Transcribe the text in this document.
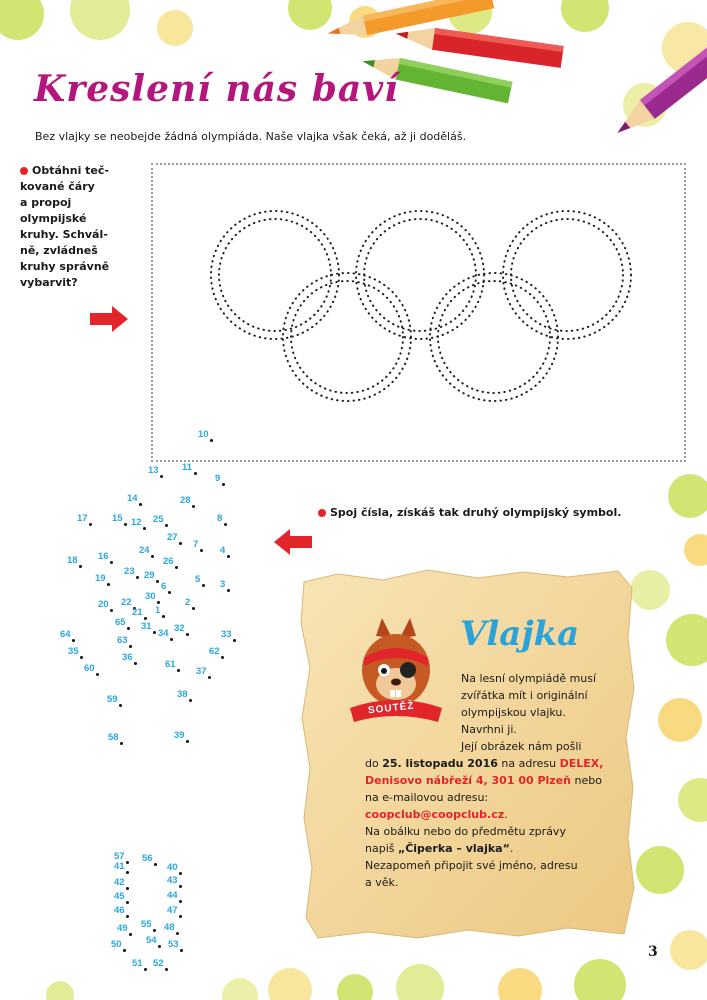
Kreslení nás baví
Bez vlajky se neobejde žádná olympiáda. Naše vlajka však čeká, až ji doděláš.
Obtáhni teč-
kované čáry
a propoj
olympijské
kruhy. Schvál-
ně, zvládneš
kruhy správně
vybarvit?
Spoj čísla, získáš tak druhý olympijský symbol.
10
13 11
9
14	28
17	15 12 25	8
27
7
4
18 16
24
26
23 29
6
5 3
19
30
20 22	2
21 1
65 31 32
34
64	33
63
35
36
62
60	61
37
38
59
58	39
57 56
41	40
42	43
45	44
46	47
55
49	48
54
50	53
51 52
SOUTĚŽ
Vlajka
Na lesní olympiádě musí
zvířátka mít i originální
olympijskou vlajku.
Navrhni ji.
Její obrázek nám pošli
do 25. listopadu 2016 na adresu DELEX,
Denisovo nábřeží 4, 301 00 Plzeň nebo
na e-mailovou adresu:
coopclub@coopclub.cz.
Na obálku nebo do předmětu zprávy
napiš „Čiperka – vlajka“.
Nezapomeň připojit své jméno, adresu
a věk.
3
